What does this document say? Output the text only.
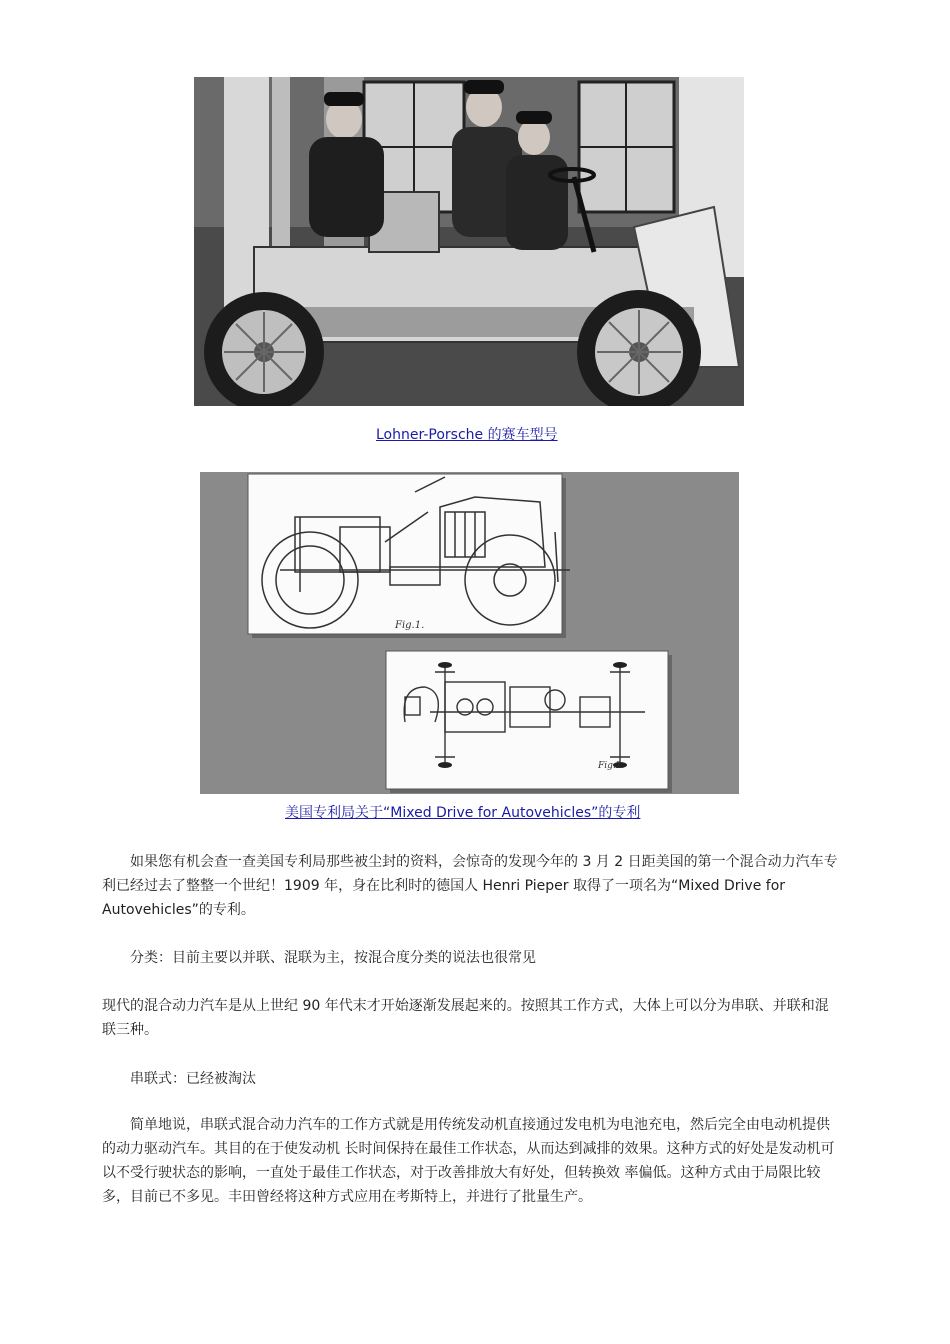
Lohner-Porsche 的赛车型号
Fig.1.
Fig.2.
美国专利局关于“Mixed Drive for Autovehicles”的专利

如果您有机会查一查美国专利局那些被尘封的资料，会惊奇的发现今年的 3 月 2 日距美国的第一个混合动力汽车专利已经过去了整整一个世纪！1909 年，身在比利时的德国人 Henri Pieper 取得了一项名为“Mixed Drive for Autovehicles”的专利。

分类：目前主要以并联、混联为主，按混合度分类的说法也很常见

现代的混合动力汽车是从上世纪 90 年代末才开始逐渐发展起来的。按照其工作方式，大体上可以分为串联、并联和混联三种。

串联式：已经被淘汰

简单地说，串联式混合动力汽车的工作方式就是用传统发动机直接通过发电机为电池充电，然后完全由电动机提供的动力驱动汽车。其目的在于使发动机 长时间保持在最佳工作状态，从而达到减排的效果。这种方式的好处是发动机可以不受行驶状态的影响，一直处于最佳工作状态，对于改善排放大有好处，但转换效 率偏低。这种方式由于局限比较多，目前已不多见。丰田曾经将这种方式应用在考斯特上，并进行了批量生产。
